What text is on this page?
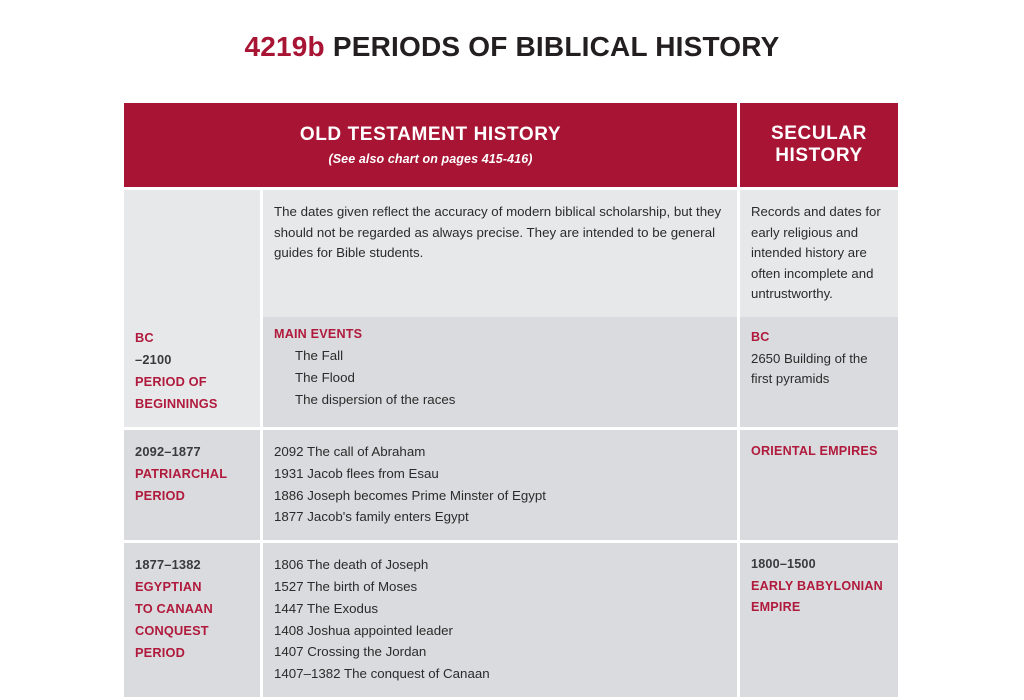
4219b PERIODS OF BIBLICAL HISTORY
OLD TESTAMENT HISTORY
(See also chart on pages 415-416)
SECULAR
HISTORY
The dates given reflect the accuracy of modern biblical scholarship, but they should not be regarded as always precise. They are intended to be general guides for Bible students.
Records and dates for early religious and intended history are often incomplete and untrustworthy.
BC
–2100
PERIOD OF
BEGINNINGS
MAIN EVENTS
The Fall
The Flood
The dispersion of the races
BC
2650 Building of the
first pyramids
2092–1877
PATRIARCHAL
PERIOD
2092 The call of Abraham
1931 Jacob flees from Esau
1886 Joseph becomes Prime Minster of Egypt
1877 Jacob's family enters Egypt
ORIENTAL EMPIRES
1877–1382
EGYPTIAN
TO CANAAN
CONQUEST PERIOD
1806 The death of Joseph
1527 The birth of Moses
1447 The Exodus
1408 Joshua appointed leader
1407 Crossing the Jordan
1407–1382 The conquest of Canaan
1800–1500
EARLY BABYLONIAN
EMPIRE
